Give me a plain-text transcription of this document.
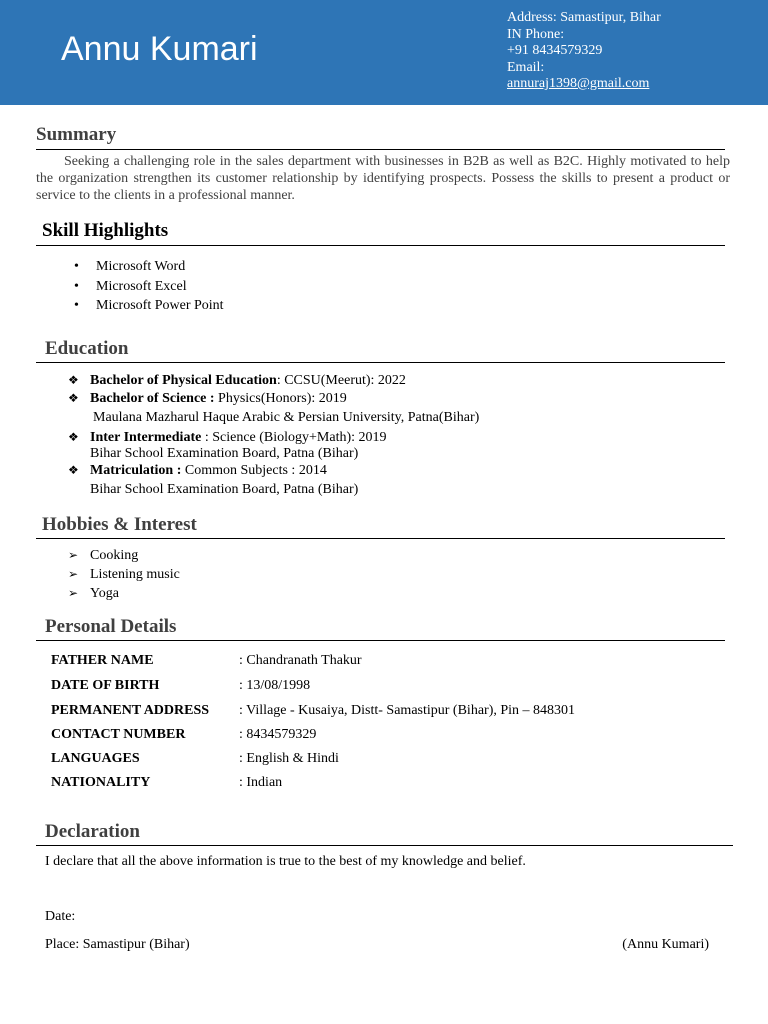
Annu Kumari
Address: Samastipur, Bihar
IN Phone:
+91 8434579329
Email:
annuraj1398@gmail.com
Summary
Seeking a challenging role in the sales department with businesses in B2B as well as B2C. Highly motivated to help the organization strengthen its customer relationship by identifying prospects. Possess the skills to present a product or service to the clients in a professional manner.
Skill Highlights
• Microsoft Word
• Microsoft Excel
• Microsoft Power Point
Education
❖ Bachelor of Physical Education: CCSU(Meerut): 2022
❖ Bachelor of Science : Physics(Honors): 2019
Maulana Mazharul Haque Arabic & Persian University, Patna(Bihar)
❖ Inter Intermediate : Science (Biology+Math): 2019
Bihar School Examination Board, Patna (Bihar)
❖ Matriculation : Common Subjects : 2014
Bihar School Examination Board, Patna (Bihar)
Hobbies & Interest
➢ Cooking
➢ Listening music
➢ Yoga
Personal Details
FATHER NAME	: Chandranath Thakur
DATE OF BIRTH	: 13/08/1998
PERMANENT ADDRESS : Village - Kusaiya, Distt- Samastipur (Bihar), Pin – 848301
CONTACT NUMBER	: 8434579329
LANGUAGES	: English & Hindi
NATIONALITY	: Indian
Declaration
I declare that all the above information is true to the best of my knowledge and belief.
Date:
Place: Samastipur (Bihar)	(Annu Kumari)
